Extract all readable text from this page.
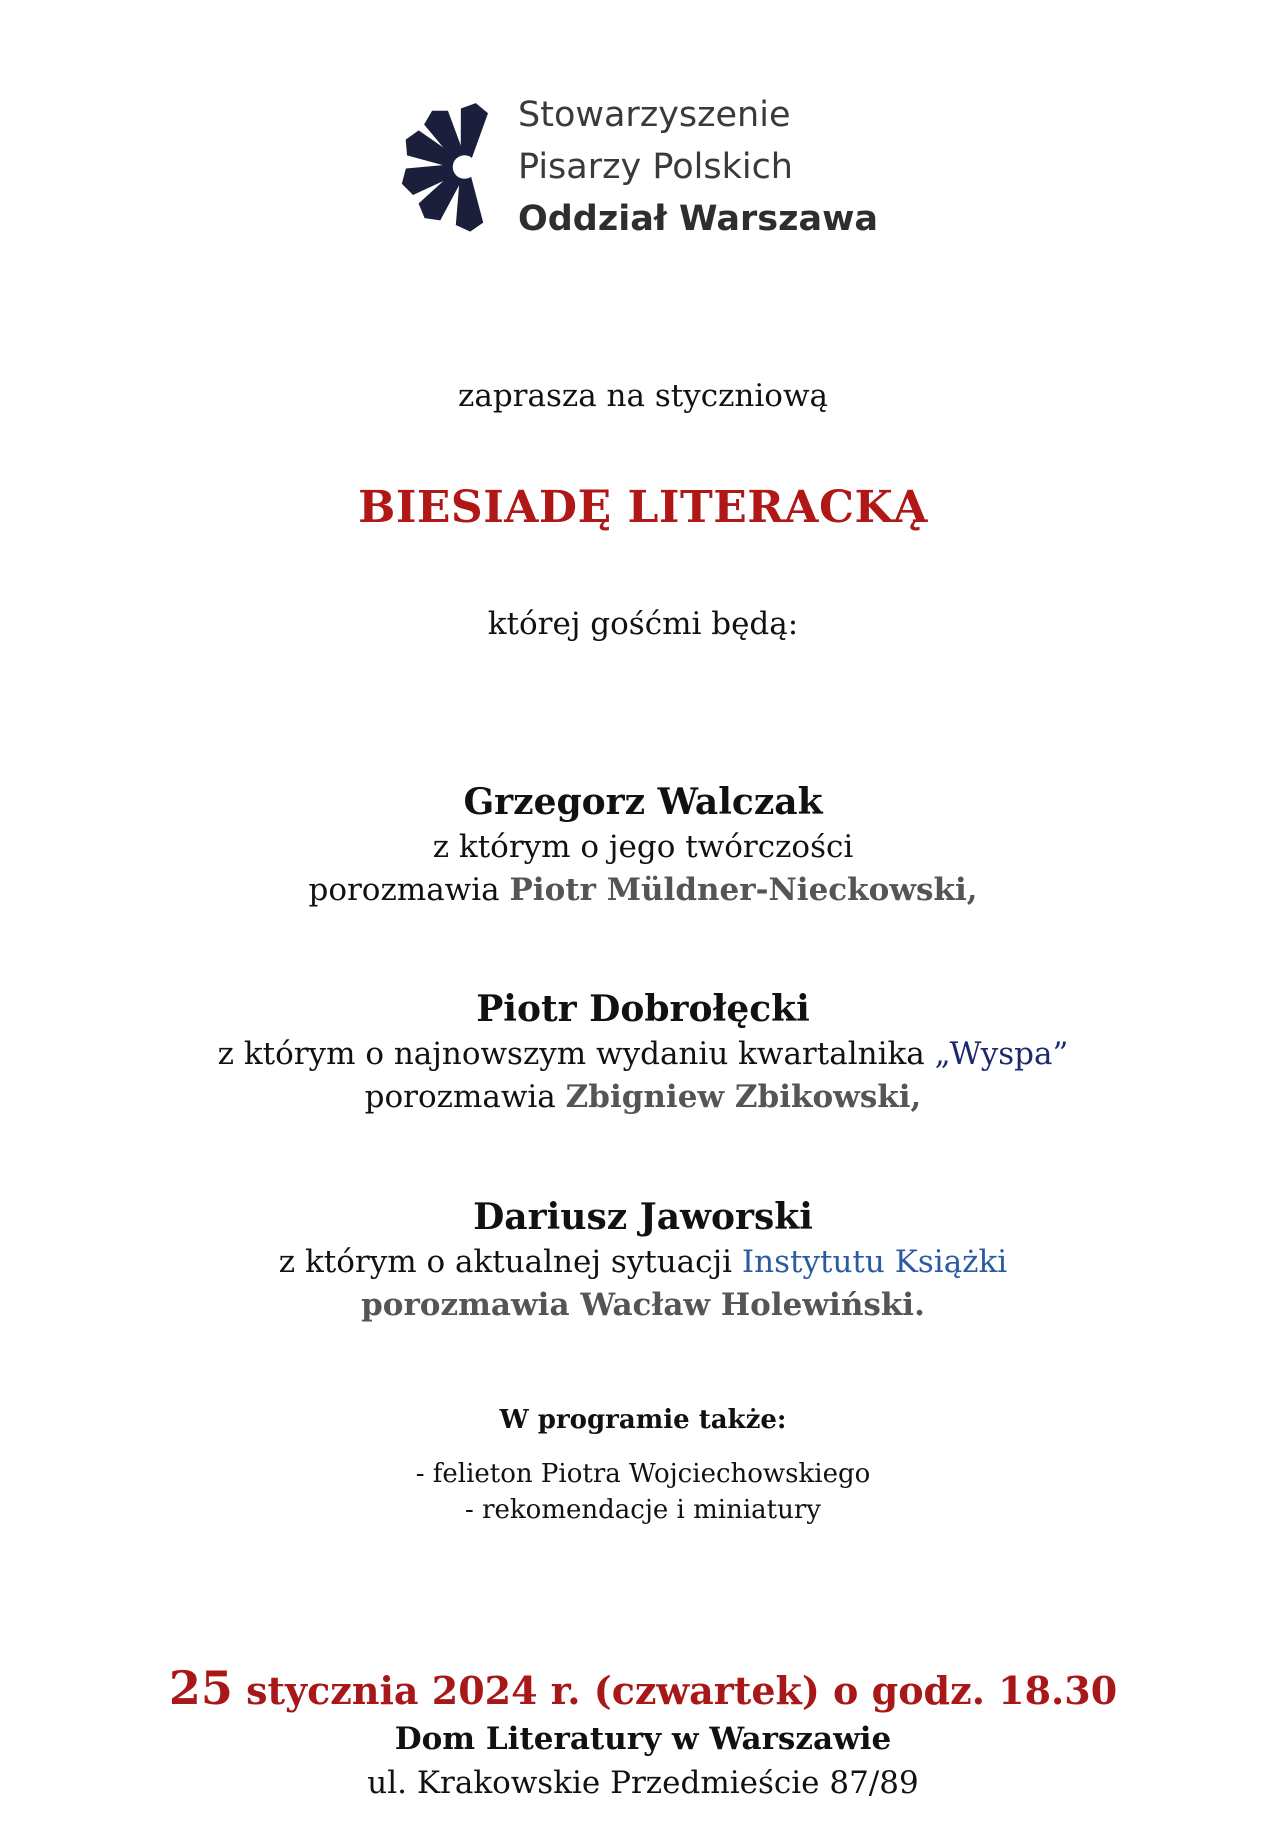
Stowarzyszenie
Pisarzy Polskich
Oddział Warszawa
zaprasza na styczniową
BIESIADĘ LITERACKĄ
której gośćmi będą:
Grzegorz Walczak
z którym o jego twórczości
porozmawia Piotr Müldner-Nieckowski,
Piotr Dobrołęcki
z którym o najnowszym wydaniu kwartalnika „Wyspa”
porozmawia Zbigniew Zbikowski,
Dariusz Jaworski
z którym o aktualnej sytuacji Instytutu Książki
porozmawia Wacław Holewiński.
W programie także:
- felieton Piotra Wojciechowskiego
- rekomendacje i miniatury
25 stycznia 2024 r. (czwartek) o godz. 18.30
Dom Literatury w Warszawie
ul. Krakowskie Przedmieście 87/89
